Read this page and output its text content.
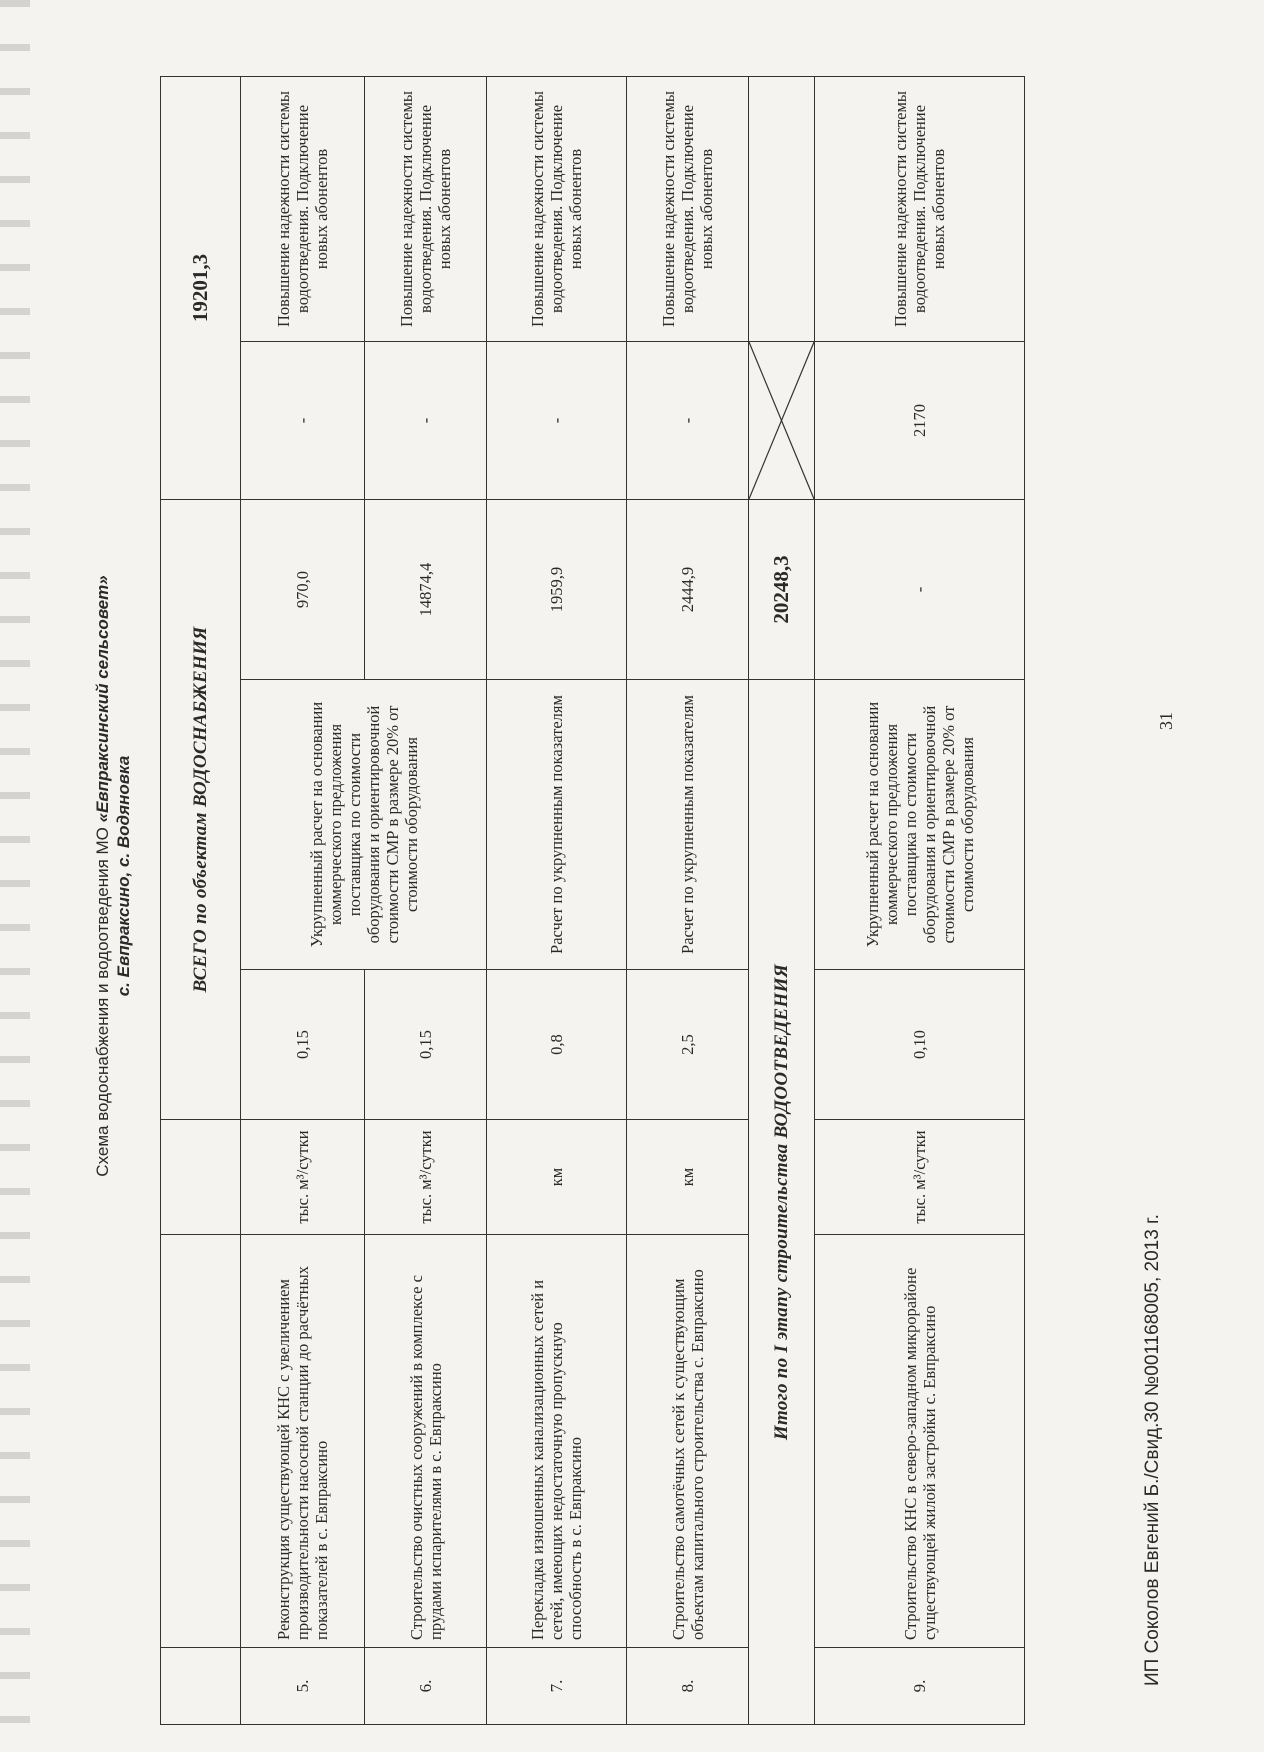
Схема водоснабжения и водоотведения МО «Евпраксинский сельсовет»
с. Евпраксино, с. Водяновка
				ВСЕГО по объектам ВОДОСНАБЖЕНИЯ			19201,3	
5.	Реконструкция существующей КНС с увеличением производительности насосной станции до расчётных показателей в с. Евпраксино	тыс. м³/сутки	0,15	Укрупненный расчет на основании коммерческого предложения поставщика по стоимости оборудования и ориентировочной стоимости СМР в размере 20% от стоимости оборудования	970,0	-	Повышение надежности системы водоотведения. Подключение новых абонентов
6.	Строительство очистных сооружений в комплексе с прудами испарителями в с. Евпраксино	тыс. м³/сутки	0,15		14874,4	-	Повышение надежности системы водоотведения. Подключение новых абонентов
7.	Перекладка изношенных канализационных сетей и сетей, имеющих недостаточную пропускную способность в с. Евпраксино	км	0,8	Расчет по укрупненным показателям	1959,9	-	Повышение надежности системы водоотведения. Подключение новых абонентов
8.	Строительство самотёчных сетей к существующим объектам капитального строительства с. Евпраксино	км	2,5	Расчет по укрупненным показателям	2444,9	-	Повышение надежности системы водоотведения. Подключение новых абонентов
Итого по I этапу строительства ВОДООТВЕДЕНИЯ					20248,3	

9.	Строительство КНС в северо-западном микрорайоне существующей жилой застройки с. Евпраксино	тыс. м³/сутки	0,10	Укрупненный расчет на основании коммерческого предложения поставщика по стоимости оборудования и ориентировочной стоимости СМР в размере 20% от стоимости оборудования	-	2170	Повышение надежности системы водоотведения. Подключение новых абонентов
ИП Соколов Евгений Б./Свид.30 №001168005, 2013 г.
31
